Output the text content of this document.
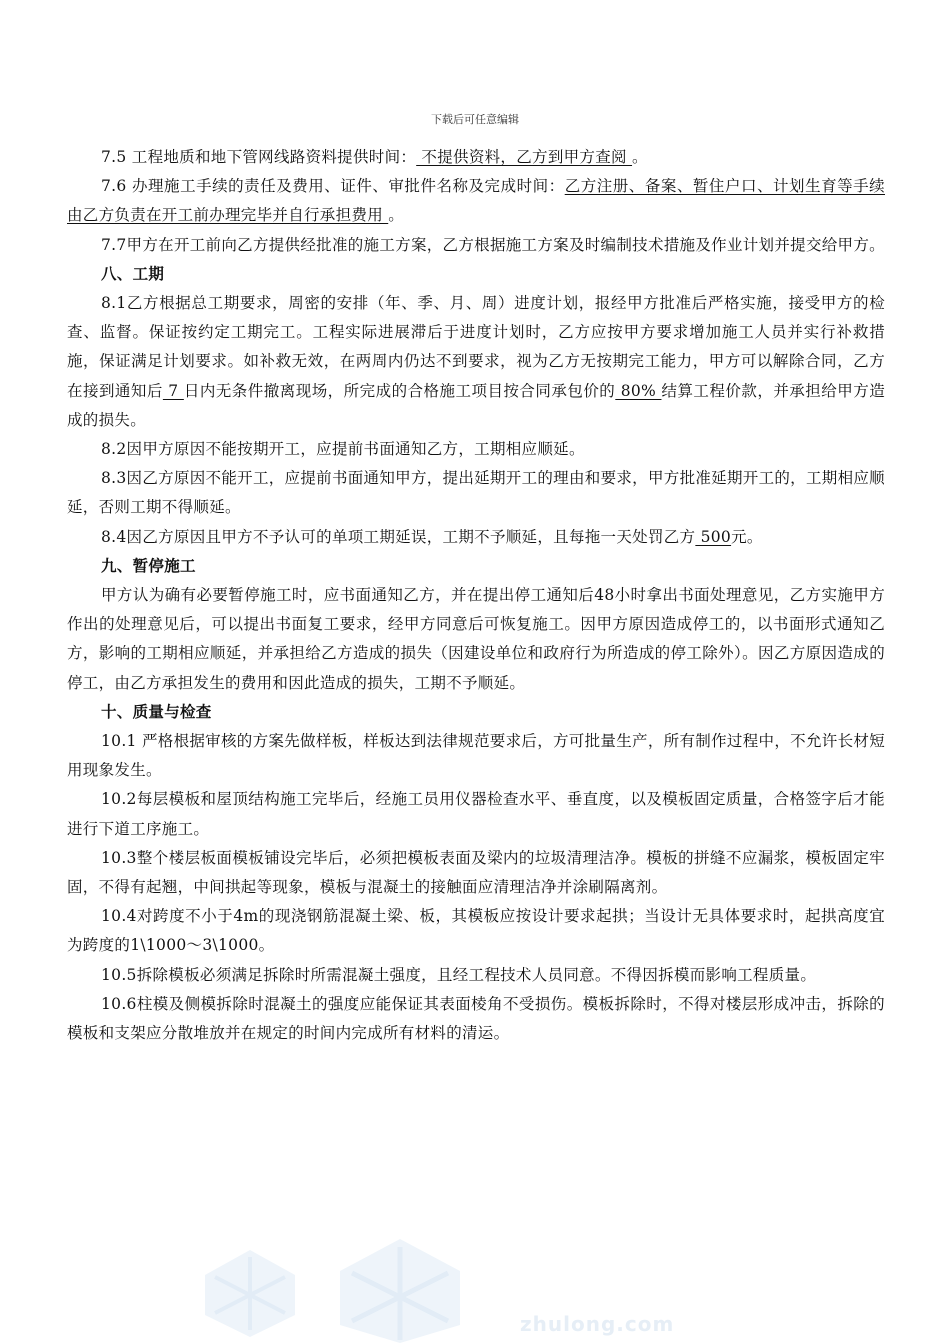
下载后可任意编辑
7.5 工程地质和地下管网线路资料提供时间： 不提供资料，乙方到甲方查阅 。
7.6 办理施工手续的责任及费用、证件、审批件名称及完成时间：乙方注册、备案、暂住户口、计划生育等手续由乙方负责在开工前办理完毕并自行承担费用 。
7.7甲方在开工前向乙方提供经批准的施工方案，乙方根据施工方案及时编制技术措施及作业计划并提交给甲方。
八、工期
8.1乙方根据总工期要求，周密的安排（年、季、月、周）进度计划，报经甲方批准后严格实施，接受甲方的检查、监督。保证按约定工期完工。工程实际进展滞后于进度计划时，乙方应按甲方要求增加施工人员并实行补救措施，保证满足计划要求。如补救无效，在两周内仍达不到要求，视为乙方无按期完工能力，甲方可以解除合同，乙方在接到通知后 7 日内无条件撤离现场，所完成的合格施工项目按合同承包价的 80% 结算工程价款，并承担给甲方造成的损失。
8.2因甲方原因不能按期开工，应提前书面通知乙方，工期相应顺延。
8.3因乙方原因不能开工，应提前书面通知甲方，提出延期开工的理由和要求，甲方批准延期开工的，工期相应顺延，否则工期不得顺延。
8.4因乙方原因且甲方不予认可的单项工期延误，工期不予顺延，且每拖一天处罚乙方 500元。
九、暂停施工
甲方认为确有必要暂停施工时，应书面通知乙方，并在提出停工通知后48小时拿出书面处理意见，乙方实施甲方作出的处理意见后，可以提出书面复工要求，经甲方同意后可恢复施工。因甲方原因造成停工的，以书面形式通知乙方，影响的工期相应顺延，并承担给乙方造成的损失（因建设单位和政府行为所造成的停工除外）。因乙方原因造成的停工，由乙方承担发生的费用和因此造成的损失，工期不予顺延。
十、质量与检查
10.1 严格根据审核的方案先做样板，样板达到法律规范要求后，方可批量生产，所有制作过程中，不允许长材短用现象发生。
10.2每层模板和屋顶结构施工完毕后，经施工员用仪器检查水平、垂直度，以及模板固定质量，合格签字后才能进行下道工序施工。
10.3整个楼层板面模板铺设完毕后，必须把模板表面及梁内的垃圾清理洁净。模板的拼缝不应漏浆，模板固定牢固，不得有起翘，中间拱起等现象，模板与混凝土的接触面应清理洁净并涂刷隔离剂。
10.4对跨度不小于4m的现浇钢筋混凝土梁、板，其模板应按设计要求起拱；当设计无具体要求时，起拱高度宜为跨度的1\1000～3\1000。
10.5拆除模板必须满足拆除时所需混凝土强度，且经工程技术人员同意。不得因拆模而影响工程质量。
10.6柱模及侧模拆除时混凝土的强度应能保证其表面棱角不受损伤。模板拆除时，不得对楼层形成冲击，拆除的模板和支架应分散堆放并在规定的时间内完成所有材料的清运。
zhulong.com
